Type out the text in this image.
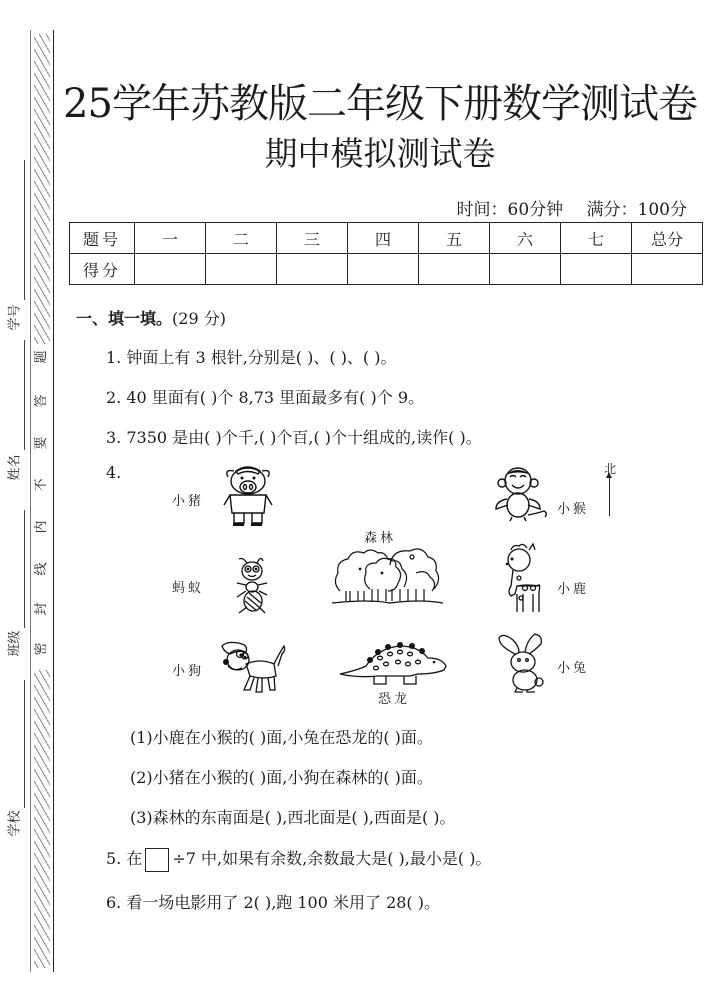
题
答
要
不
内
线
封
密
学号
姓名
班级
学校
25学年苏教版二年级下册数学测试卷
期中模拟测试卷
时间：60分钟 满分：100分
题号	一	二	三	四	五	六	七	总分
得分								
一、填一填。(29 分)
1. 钟面上有 3 根针,分别是( )、( )、( )。
2. 40 里面有( )个 8,73 里面最多有( )个 9。
3. 7350 是由( )个千,( )个百,( )个十组成的,读作( )。
4.
小猪
蚂蚁
小狗
森林
恐龙
小猴
小鹿
小兔
北
(1)小鹿在小猴的( )面,小兔在恐龙的( )面。
(2)小猪在小猴的( )面,小狗在森林的( )面。
(3)森林的东南面是( ),西北面是( ),西面是( )。
5. 在 ÷7 中,如果有余数,余数最大是( ),最小是( )。
6. 看一场电影用了 2( ),跑 100 米用了 28( )。
